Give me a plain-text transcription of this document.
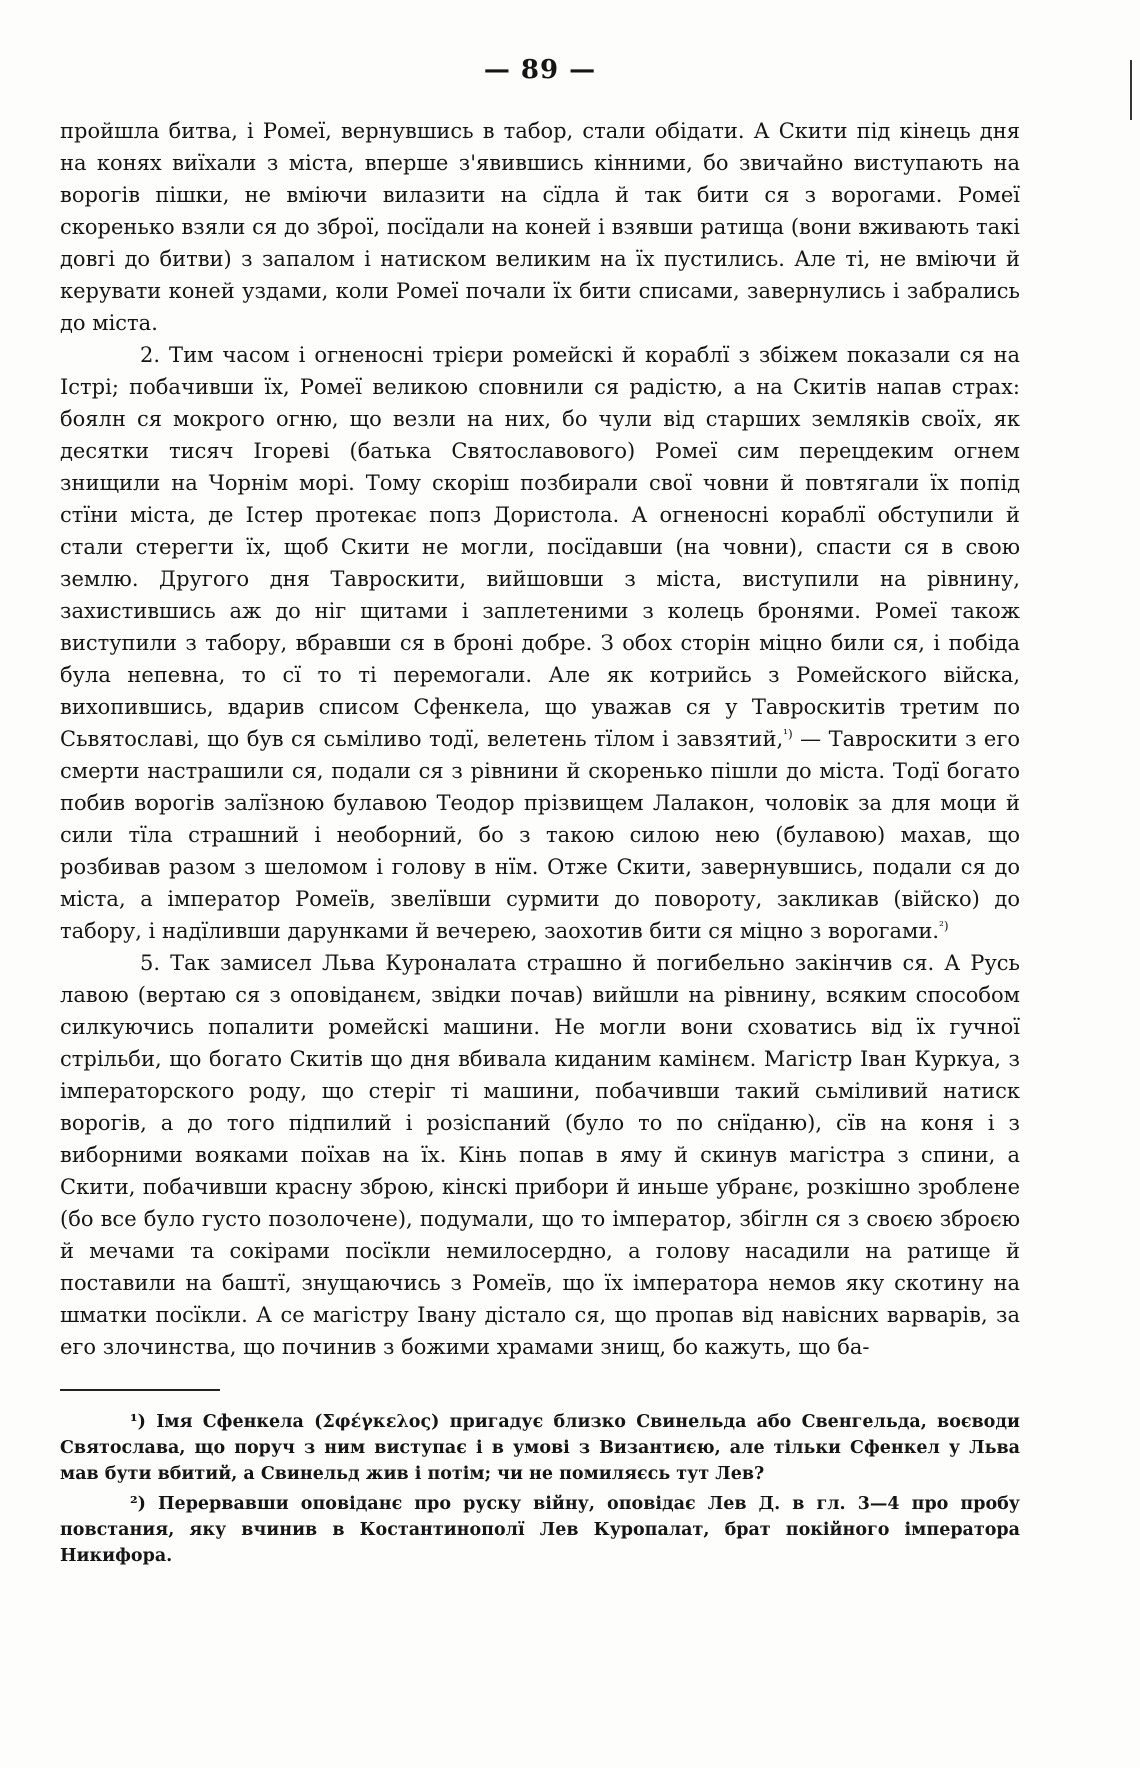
— 89 —

пройшла битва, і Ромеї, вернувшись в табор, стали обідати. А Скити під кінець дня на конях виїхали з міста, вперше з'явившись кінними, бо звичайно виступають на ворогів пішки, не вміючи вилазити на сїдла й так бити ся з ворогами. Ромеї скоренько взяли ся до зброї, посїдали на коней і взявши ратища (вони вживають такі довгі до битви) з запалом і натиском великим на їх пустились. Але ті, не вміючи й керувати коней уздами, коли Ромеї почали їх бити списами, завернулись і забрались до міста.

2. Тим часом і огненосні трієри ромейскі й кораблї з збіжем показали ся на Істрі; побачивши їх, Ромеї великою сповнили ся радістю, а на Скитів напав страх: боялн ся мокрого огню, що везли на них, бо чули від старших земляків своїх, як десятки тисяч Ігореві (батька Святославового) Ромеї сим перецдеким огнем знищили на Чорнім морі. Тому скоріш позбирали свої човни й повтягали їх попід стїни міста, де Істер протекає попз Дористола. А огненосні кораблї обступили й стали стерегти їх, щоб Скити не могли, посїдавши (на човни), спасти ся в свою землю. Другого дня Тавроскити, вийшовши з міста, виступили на рівнину, захистившись аж до ніг щитами і заплетеними з колець бронями. Ромеї також виступили з табору, вбравши ся в броні добре. З обох сторін міцно били ся, і побіда була непевна, то сї то ті перемогали. Але як котрийсь з Ромейского війска, вихопившись, вдарив списом Сфенкела, що уважав ся у Тавроскитів третим по Сьвятославі, що був ся сьміливо тодї, велетень тїлом і завзятий,$^{^1)}$ — Тавроскити з его смерти настрашили ся, подали ся з рівнини й скоренько пішли до міста. Тодї богато побив ворогів залїзною булавою Теодор прізвищем Лалакон, чоловік за для моци й сили тїла страшний і необорний, бо з такою силою нею (булавою) махав, що розбивав разом з шеломом і голову в нїм. Отже Скити, завернувшись, подали ся до міста, а імператор Ромеїв, звелївши сурмити до повороту, закликав (війско) до табору, і надїливши дарунками й вечерею, заохотив бити ся міцно з ворогами.$^{^2)}$

5. Так замисел Льва Куроналата страшно й погибельно закінчив ся. А Русь лавою (вертаю ся з оповіданєм, звідки почав) вийшли на рівнину, всяким способом силкуючись попалити ромейскі машини. Не могли вони сховатись від їх гучної стрільби, що богато Скитів що дня вбивала киданим камінєм. Магістр Іван Куркуа, з імператорского роду, що стеріг ті машини, побачивши такий сьміливий натиск ворогів, а до того підпилий і розіспаний (було то по снїданю), сїв на коня і з виборними вояками поїхав на їх. Кінь попав в яму й скинув магістра з спини, а Скити, побачивши красну зброю, кінскі прибори й иньше убранє, розкішно зроблене (бо все було густо позолочене), подумали, що то імператор, збіглн ся з своєю зброєю й мечами та сокірами посїкли немилосердно, а голову насадили на ратище й поставили на баштї, знущаючись з Ромеїв, що їх імператора немов яку скотину на шматки посїкли. А се магістру Івану дістало ся, що пропав від навісних варварів, за его злочинства, що починив з божими храмами знищ, бо кажуть, що ба-

¹) Імя Сфенкела (Σφέγκελος) пригадує близко Свинельда або Свенгельда, воєводи Святослава, що поруч з ним виступає і в умові з Византиєю, але тільки Сфенкел у Льва мав бути вбитий, а Свинельд жив і потім; чи не помиляєсь тут Лев?

²) Перервавши оповіданє про руску війну, оповідає Лев Д. в гл. 3—4 про пробу повстания, яку вчинив в Костантинополї Лев Куропалат, брат покійного імператора Никифора.
